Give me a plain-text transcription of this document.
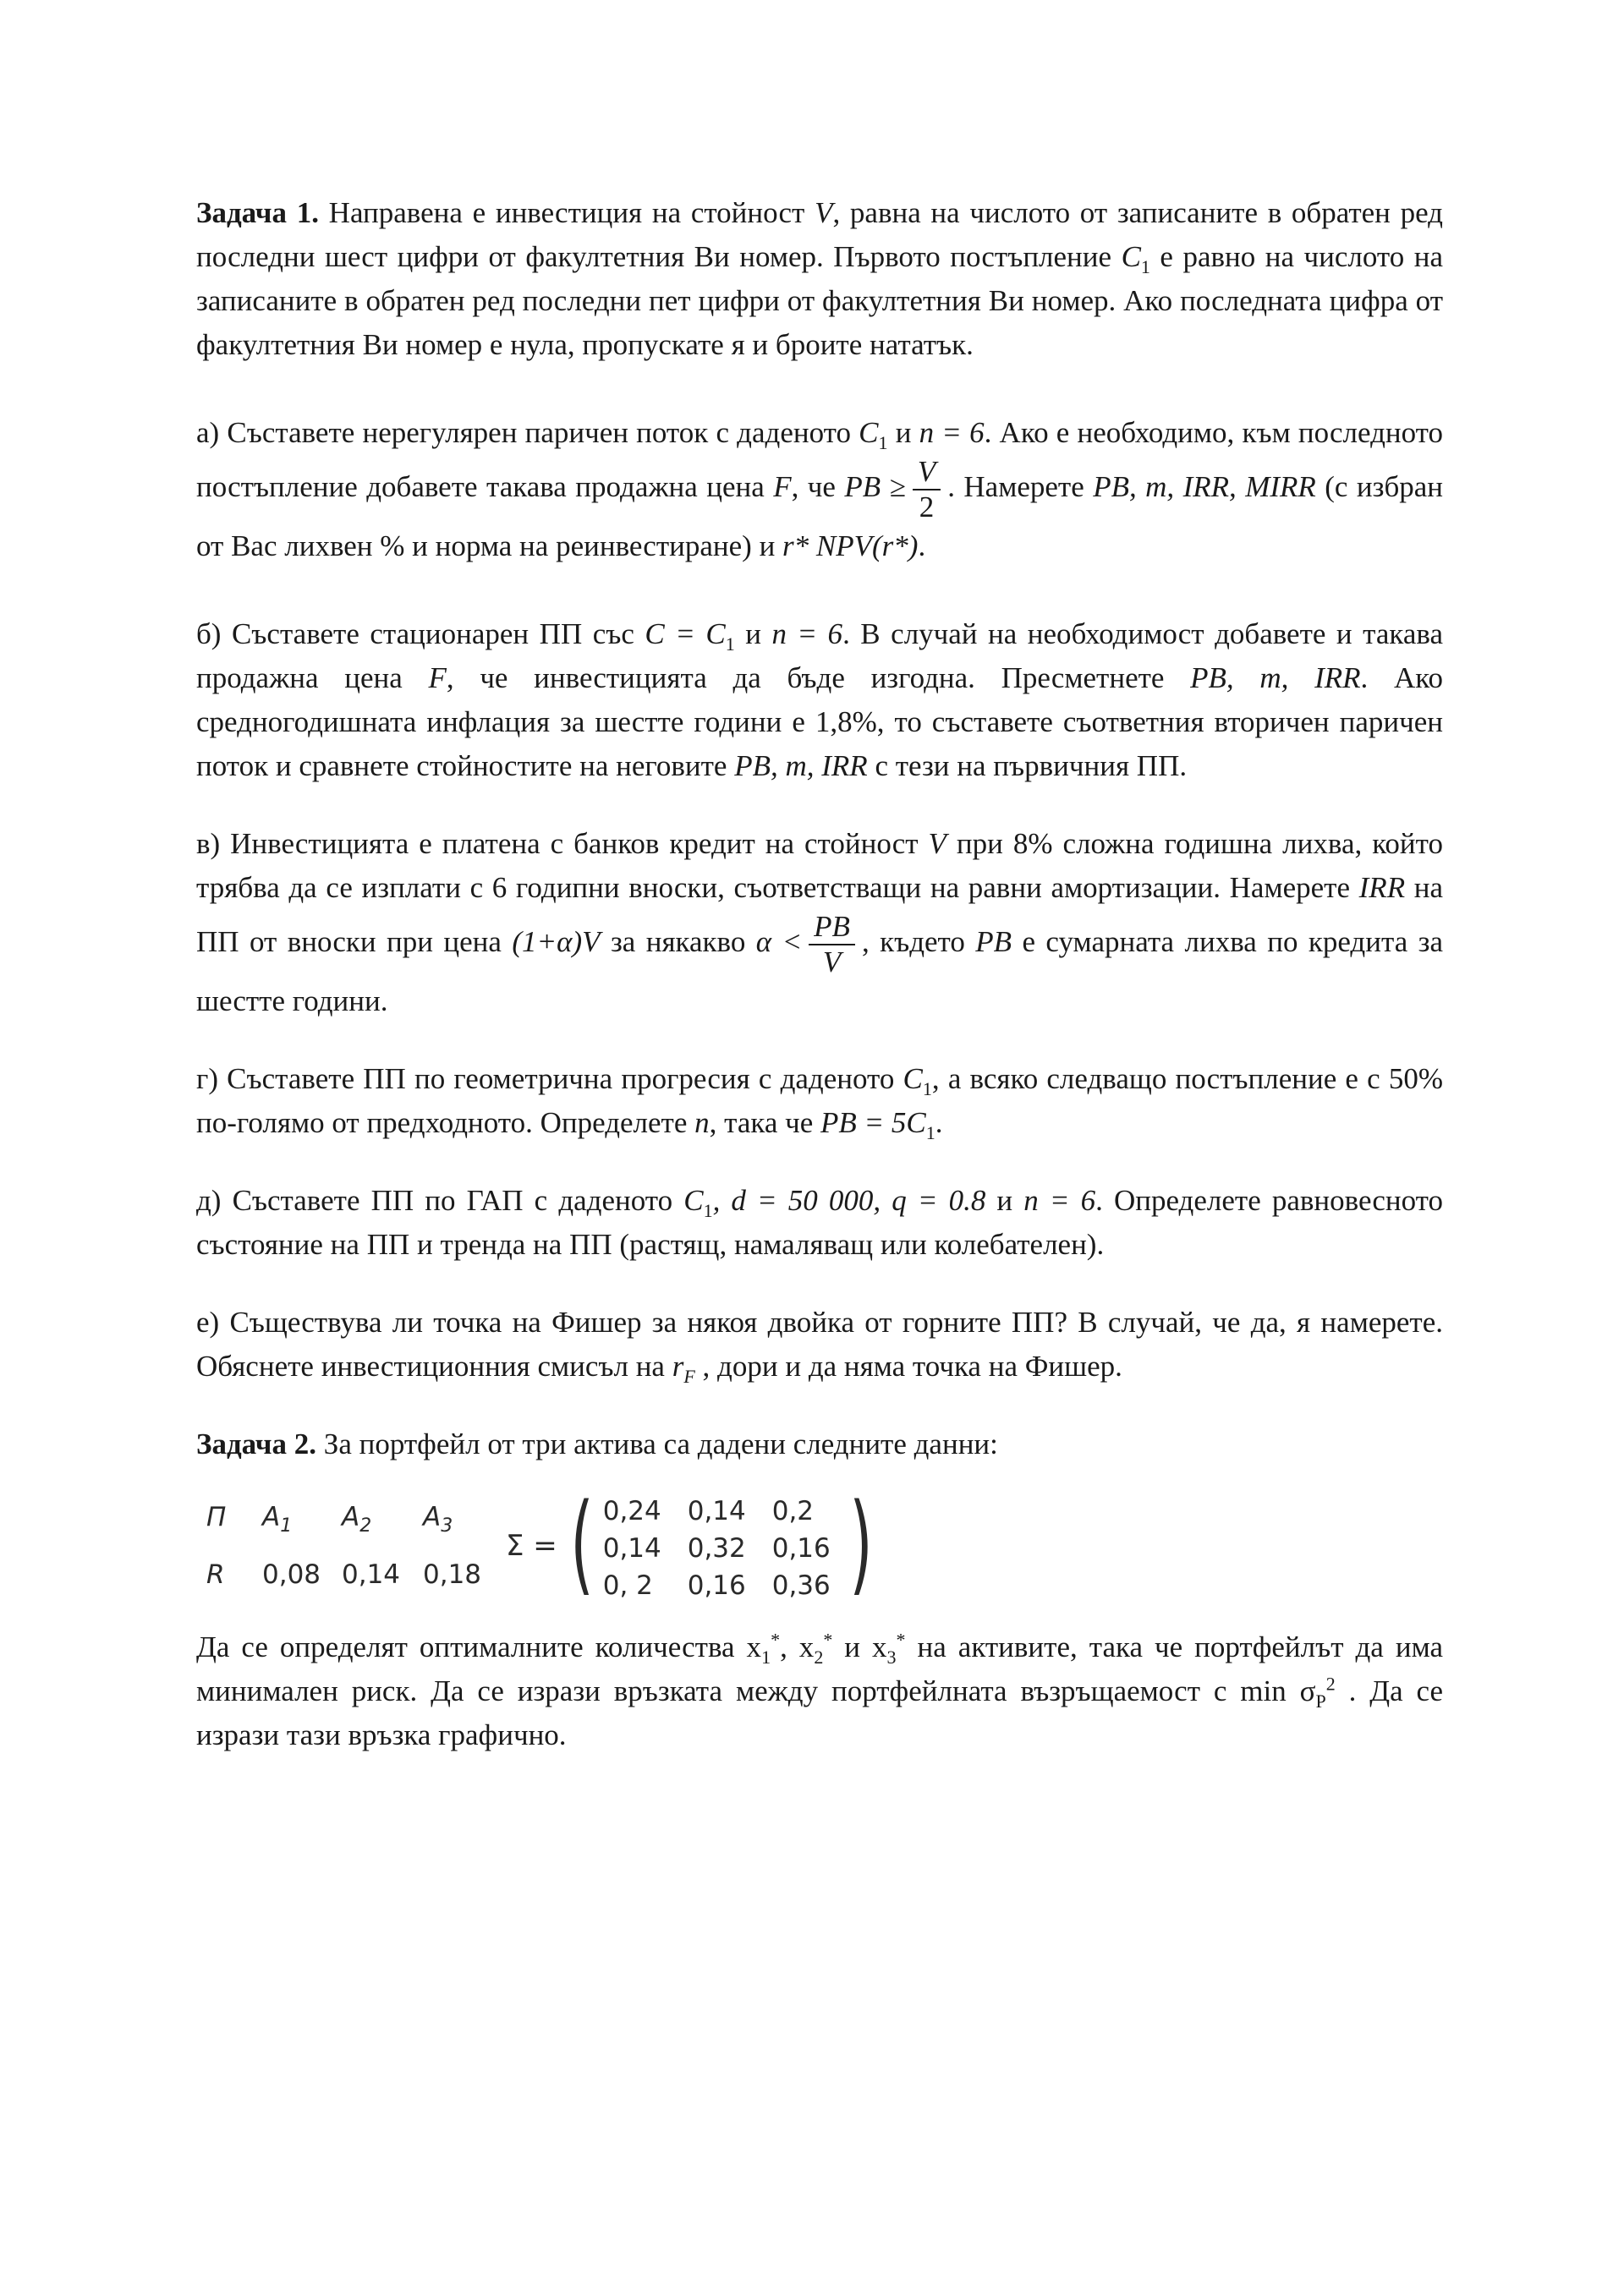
Задача 1. Направена е инвестиция на стойност V, равна на числото от записаните в обратен ред последни шест цифри от факултетния Ви номер. Първото постъпление $C_1$ е равно на числото на записаните в обратен ред последни пет цифри от факултетния Ви номер. Ако последната цифра от факултетния Ви номер е нула, пропускате я и броите нататък.

а) Съставете нерегулярен паричен поток с даденото $C_1$ и n = 6. Ако е необходимо, към последното постъпление добавете такава продажна цена F, че PB ≥ $\frac{V}{2}$ . Намерете PB, m, IRR, MIRR (с избран от Вас лихвен % и норма на реинвестиране) и r* NPV(r*).

б) Съставете стационарен ПП със $C = C_1$ и n = 6. В случай на необходимост добавете и такава продажна цена F, че инвестицията да бъде изгодна. Пресметнете PB, m, IRR. Ако средногодишната инфлация за шестте години е 1,8%, то съставете съответния вторичен паричен поток и сравнете стойностите на неговите PB, m, IRR с тези на първичния ПП.

в) Инвестицията е платена с банков кредит на стойност V при 8% сложна годишна лихва, който трябва да се изплати с 6 годипни вноски, съответстващи на равни амортизации. Намерете IRR на ПП от вноски при цена (1+α)V за някакво $\alpha < \frac{PB}{V}$ , където PB е сумарната лихва по кредита за шестте години.

г) Съставете ПП по геометрична прогресия с даденото $C_1$, а всяко следващо постъпление е с 50% по-голямо от предходното. Определете n, така че PB = $5C_1$.

д) Съставете ПП по ГАП с даденото $C_1$, d = 50 000, q = 0.8 и n = 6. Определете равновесното състояние на ПП и тренда на ПП (растящ, намаляващ или колебателен).

е) Съществува ли точка на Фишер за някоя двойка от горните ПП? В случай, че да, я намерете. Обяснете инвестиционния смисъл на $r_F$ , дори и да няма точка на Фишер.

Задача 2. За портфейл от три актива са дадени следните данни:

П	$A_1$	$A_2$	$A_3$
R	0,08 0,14 0,18
Σ = ( 0,24 0,14 0,2
0,14 0,32 0,16
0, 2	0,16 0,36 )

Да се определят оптималните количества $x_1^*$, $x_2^*$ и $x_3^*$ на активите, така че портфейлът да има минимален риск. Да се изрази връзката между портфейлната възръщаемост с $\min \sigma_P^2$ . Да се изрази тази връзка графично.
